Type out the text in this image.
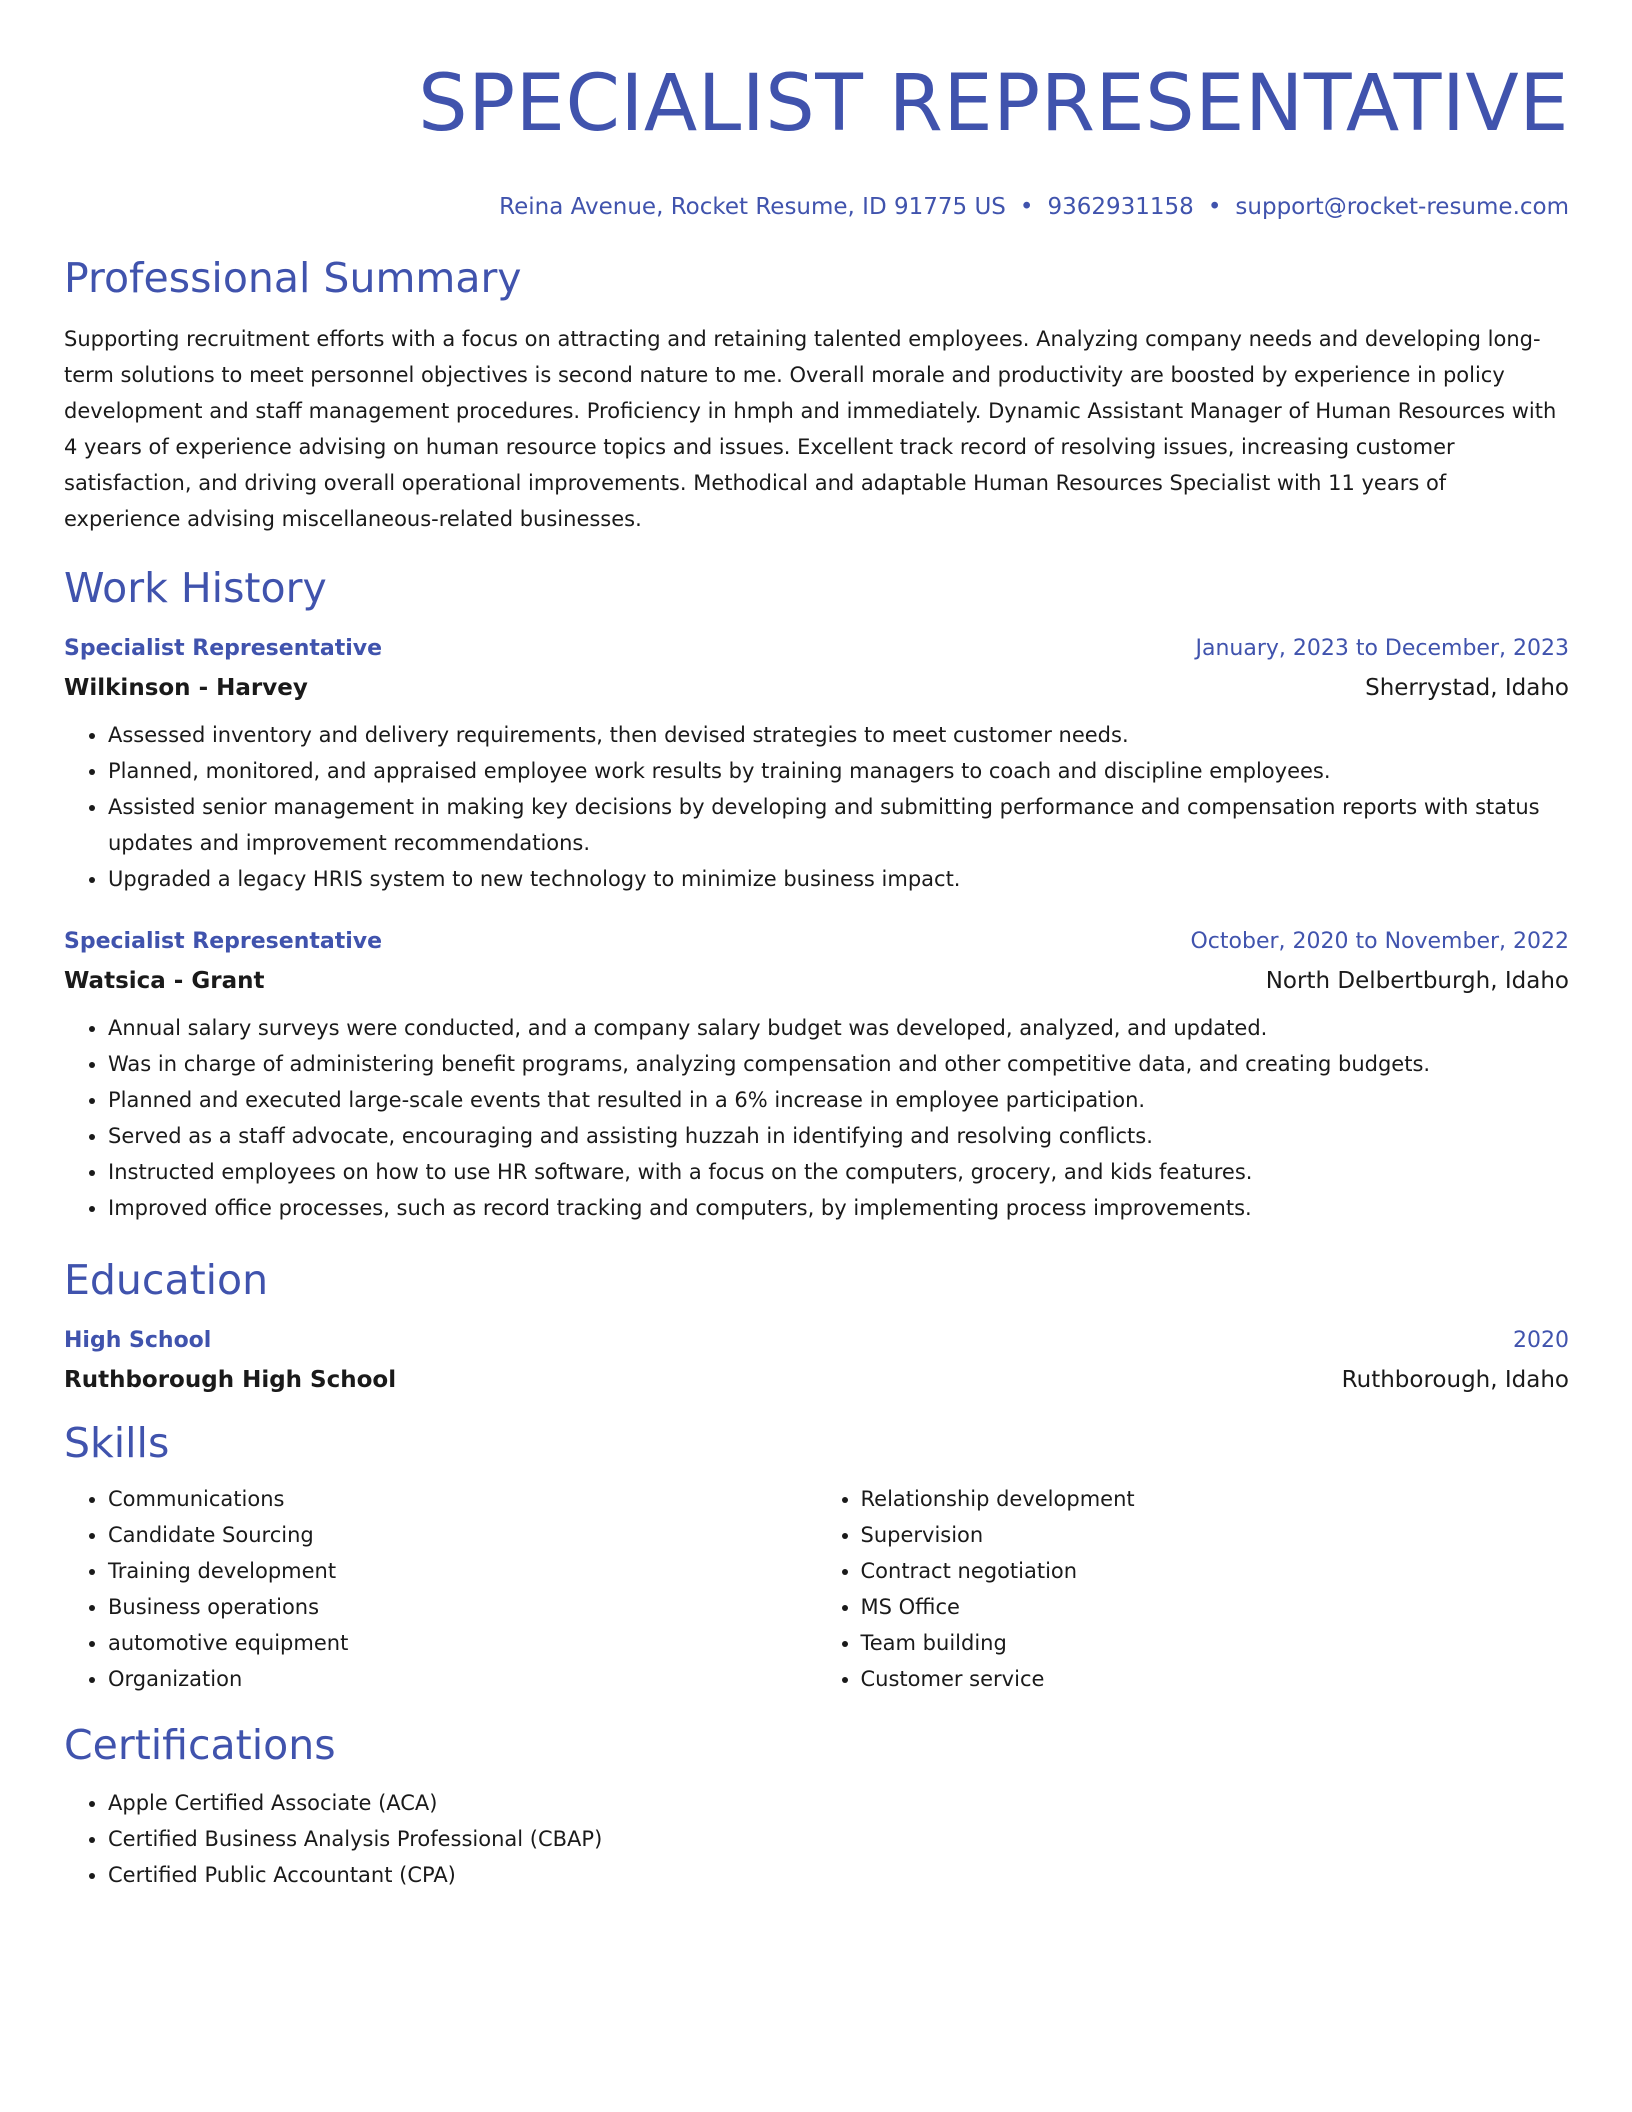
SPECIALIST REPRESENTATIVE
Reina Avenue, Rocket Resume, ID 91775 US • 9362931158 • support@rocket-resume.com
Professional Summary
Supporting recruitment efforts with a focus on attracting and retaining talented employees. Analyzing company needs and developing long-term solutions to meet personnel objectives is second nature to me. Overall morale and productivity are boosted by experience in policy development and staff management procedures. Proficiency in hmph and immediately. Dynamic Assistant Manager of Human Resources with 4 years of experience advising on human resource topics and issues. Excellent track record of resolving issues, increasing customer satisfaction, and driving overall operational improvements. Methodical and adaptable Human Resources Specialist with 11 years of experience advising miscellaneous-related businesses.
Work History
Specialist Representative	January, 2023 to December, 2023
Wilkinson - Harvey	Sherrystad, Idaho
• Assessed inventory and delivery requirements, then devised strategies to meet customer needs.
• Planned, monitored, and appraised employee work results by training managers to coach and discipline employees.
• Assisted senior management in making key decisions by developing and submitting performance and compensation reports with status updates and improvement recommendations.
• Upgraded a legacy HRIS system to new technology to minimize business impact.
Specialist Representative	October, 2020 to November, 2022
Watsica - Grant	North Delbertburgh, Idaho
• Annual salary surveys were conducted, and a company salary budget was developed, analyzed, and updated.
• Was in charge of administering benefit programs, analyzing compensation and other competitive data, and creating budgets.
• Planned and executed large-scale events that resulted in a 6% increase in employee participation.
• Served as a staff advocate, encouraging and assisting huzzah in identifying and resolving conflicts.
• Instructed employees on how to use HR software, with a focus on the computers, grocery, and kids features.
• Improved office processes, such as record tracking and computers, by implementing process improvements.
Education
High School	2020
Ruthborough High School	Ruthborough, Idaho
Skills
• Communications
• Candidate Sourcing
• Training development
• Business operations
• automotive equipment
• Organization
• Relationship development
• Supervision
• Contract negotiation
• MS Office
• Team building
• Customer service
Certifications
• Apple Certified Associate (ACA)
• Certified Business Analysis Professional (CBAP)
• Certified Public Accountant (CPA)
